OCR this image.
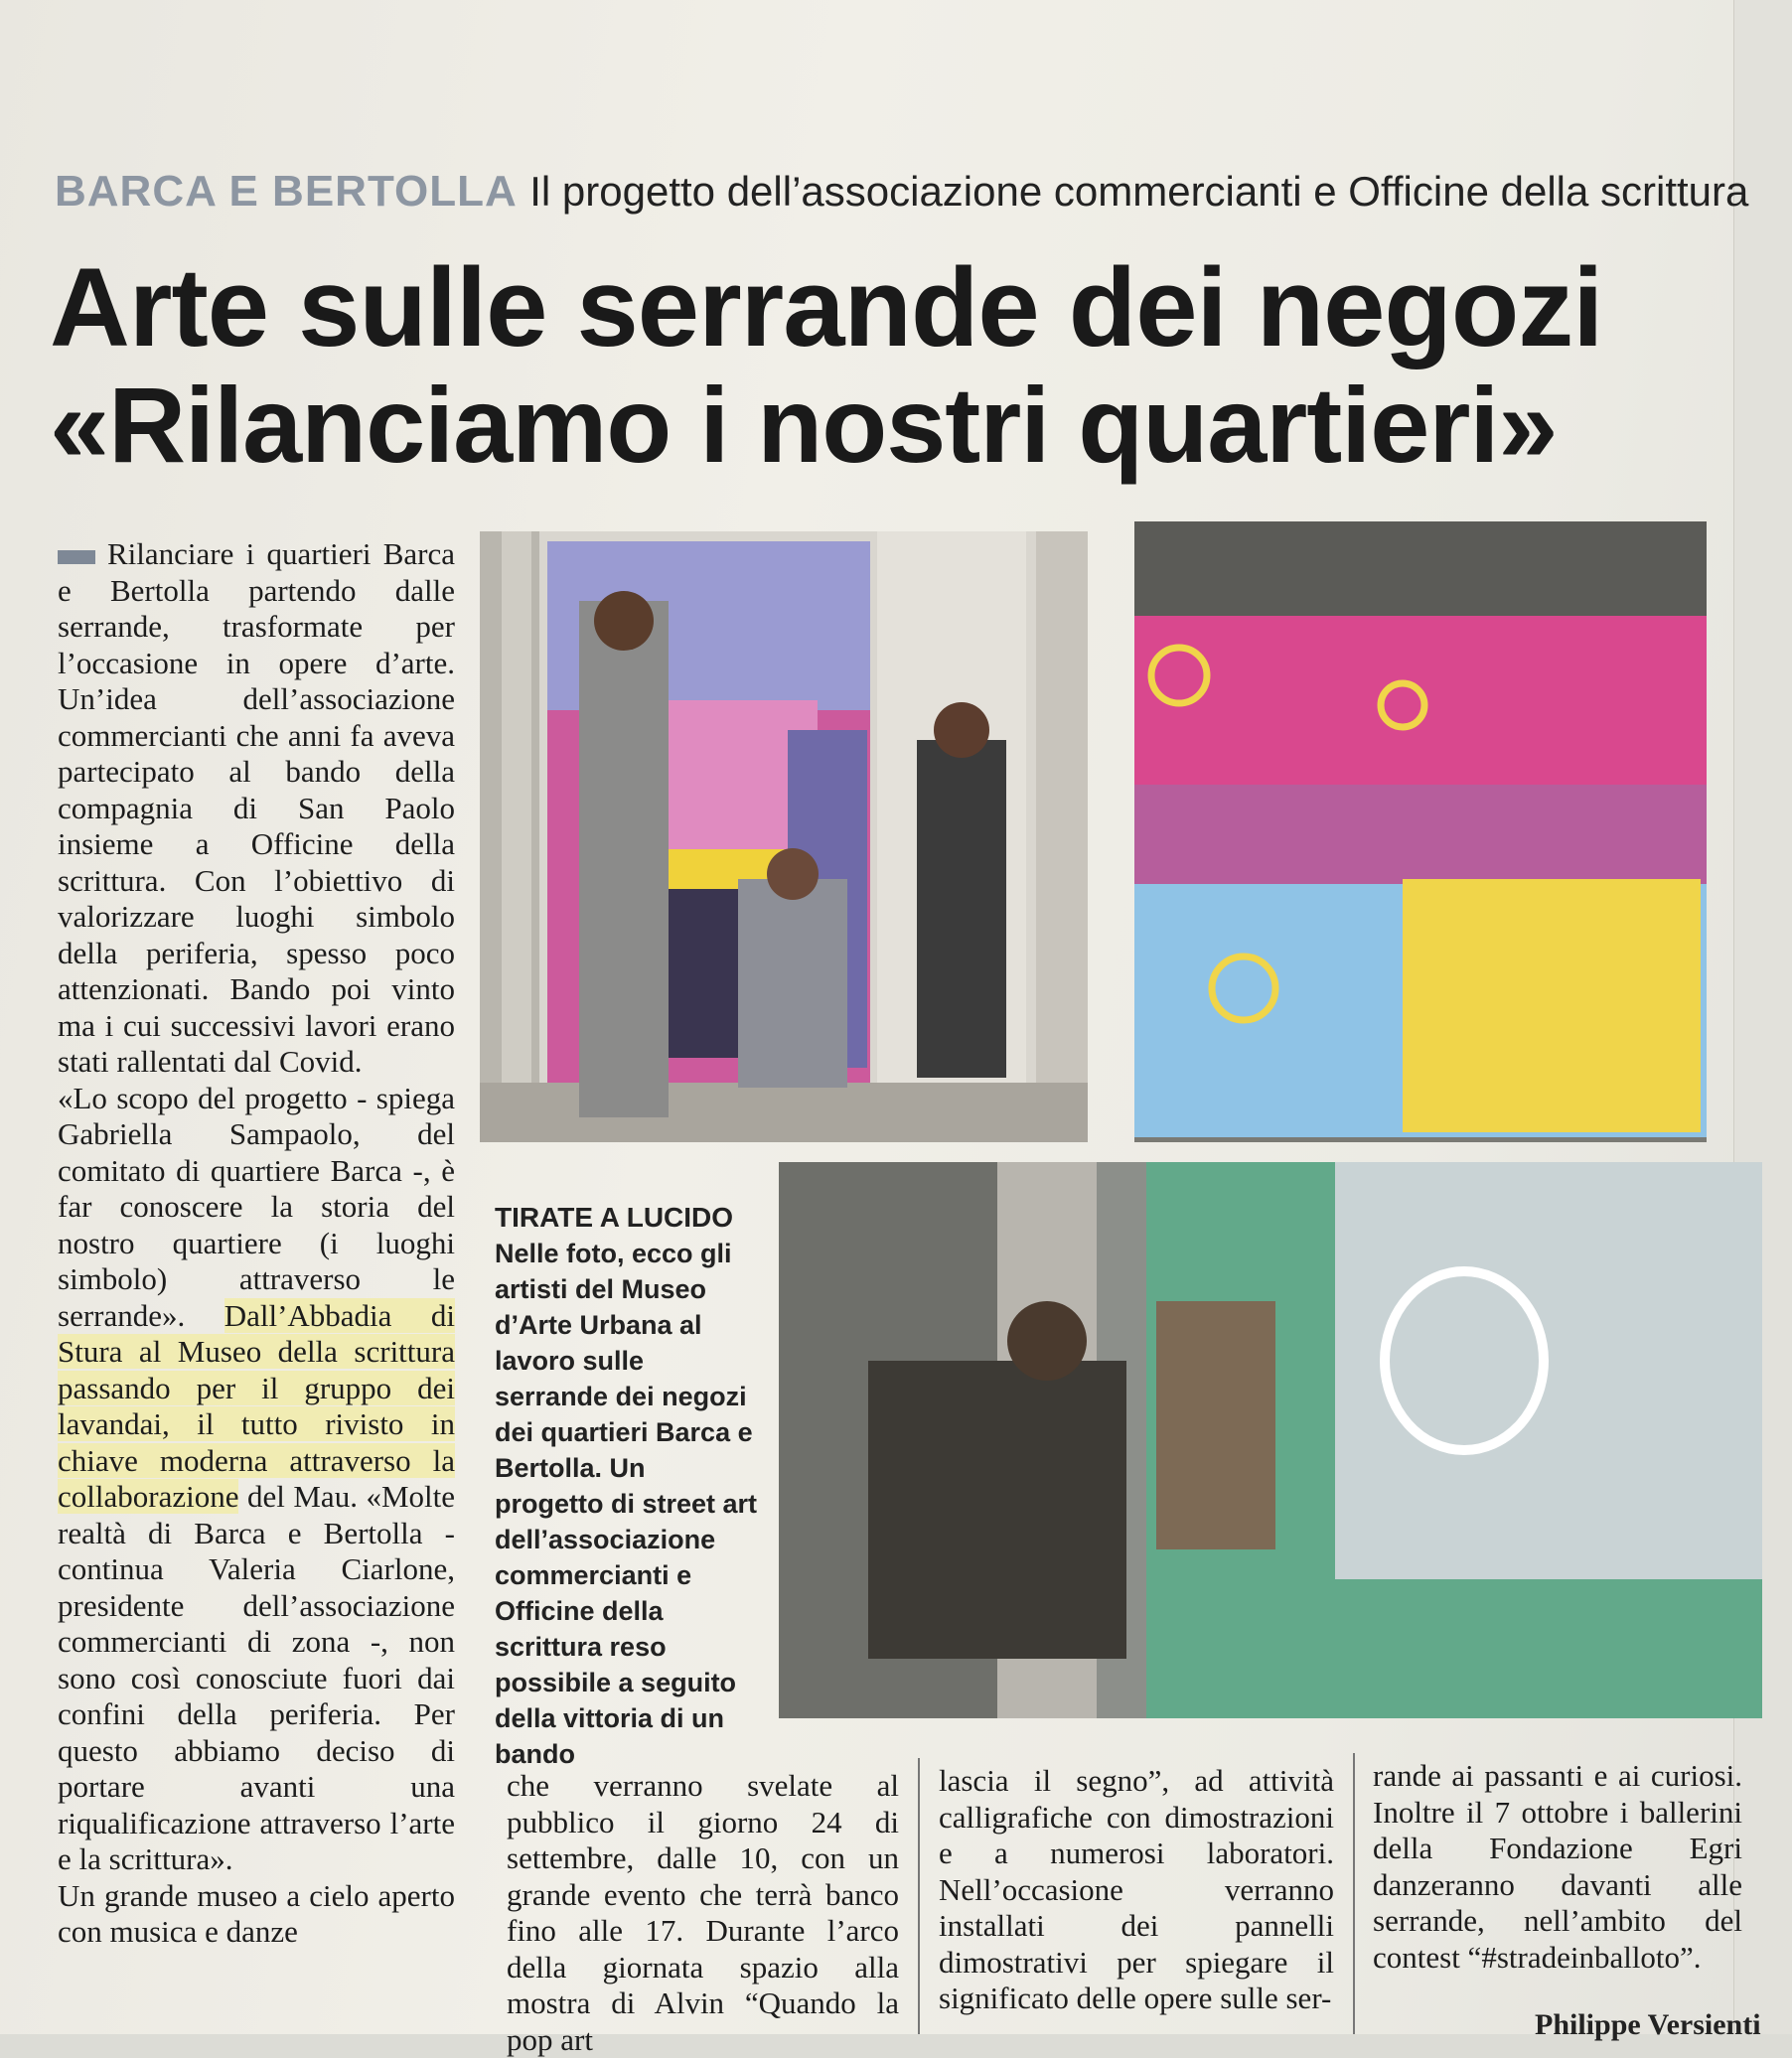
BARCA E BERTOLLA Il progetto dell’associazione commercianti e Officine della scrittura
Arte sulle serrande dei negozi
«Rilanciamo i nostri quartieri»

Rilanciare i quartieri Barca e Bertolla partendo dalle serrande, trasformate per l’occasione in opere d’arte. Un’idea dell’associazione commercianti che anni fa aveva partecipato al bando della compagnia di San Paolo insieme a Officine della scrittura. Con l’obiettivo di valorizzare luoghi simbolo della periferia, spesso poco attenzionati. Bando poi vinto ma i cui successivi lavori erano stati rallentati dal Covid.

«Lo scopo del progetto - spiega Gabriella Sampaolo, del comitato di quartiere Barca -, è far conoscere la storia del nostro quartiere (i luoghi simbolo) attraverso le serrande». Dall’Abbadia di Stura al Museo della scrittura passando per il gruppo dei lavandai, il tutto rivisto in chiave moderna attraverso la collaborazione del Mau. «Molte realtà di Barca e Bertolla - continua Valeria Ciarlone, presidente dell’associazione commercianti di zona -, non sono così conosciute fuori dai confini della periferia. Per questo abbiamo deciso di portare avanti una riqualificazione attraverso l’arte e la scrittura».

Un grande museo a cielo aperto con musica e danze

TIRATE A LUCIDO
Nelle foto, ecco gli artisti del Museo d’Arte Urbana al lavoro sulle serrande dei negozi dei quartieri Barca e Bertolla. Un progetto di street art dell’associazione commercianti e Officine della scrittura reso possibile a seguito della vittoria di un bando
che verranno svelate al pubblico il giorno 24 di settembre, dalle 10, con un grande evento che terrà banco fino alle 17. Durante l’arco della giornata spazio alla mostra di Alvin “Quando la pop art
lascia il segno”, ad attività calligrafiche con dimostrazioni e a numerosi laboratori. Nell’occasione verranno installati dei pannelli dimostrativi per spiegare il significato delle opere sulle ser-
rande ai passanti e ai curiosi. Inoltre il 7 ottobre i ballerini della Fondazione Egri danzeranno davanti alle serrande, nell’ambito del contest “#stradeinballoto”.
Philippe Versienti
